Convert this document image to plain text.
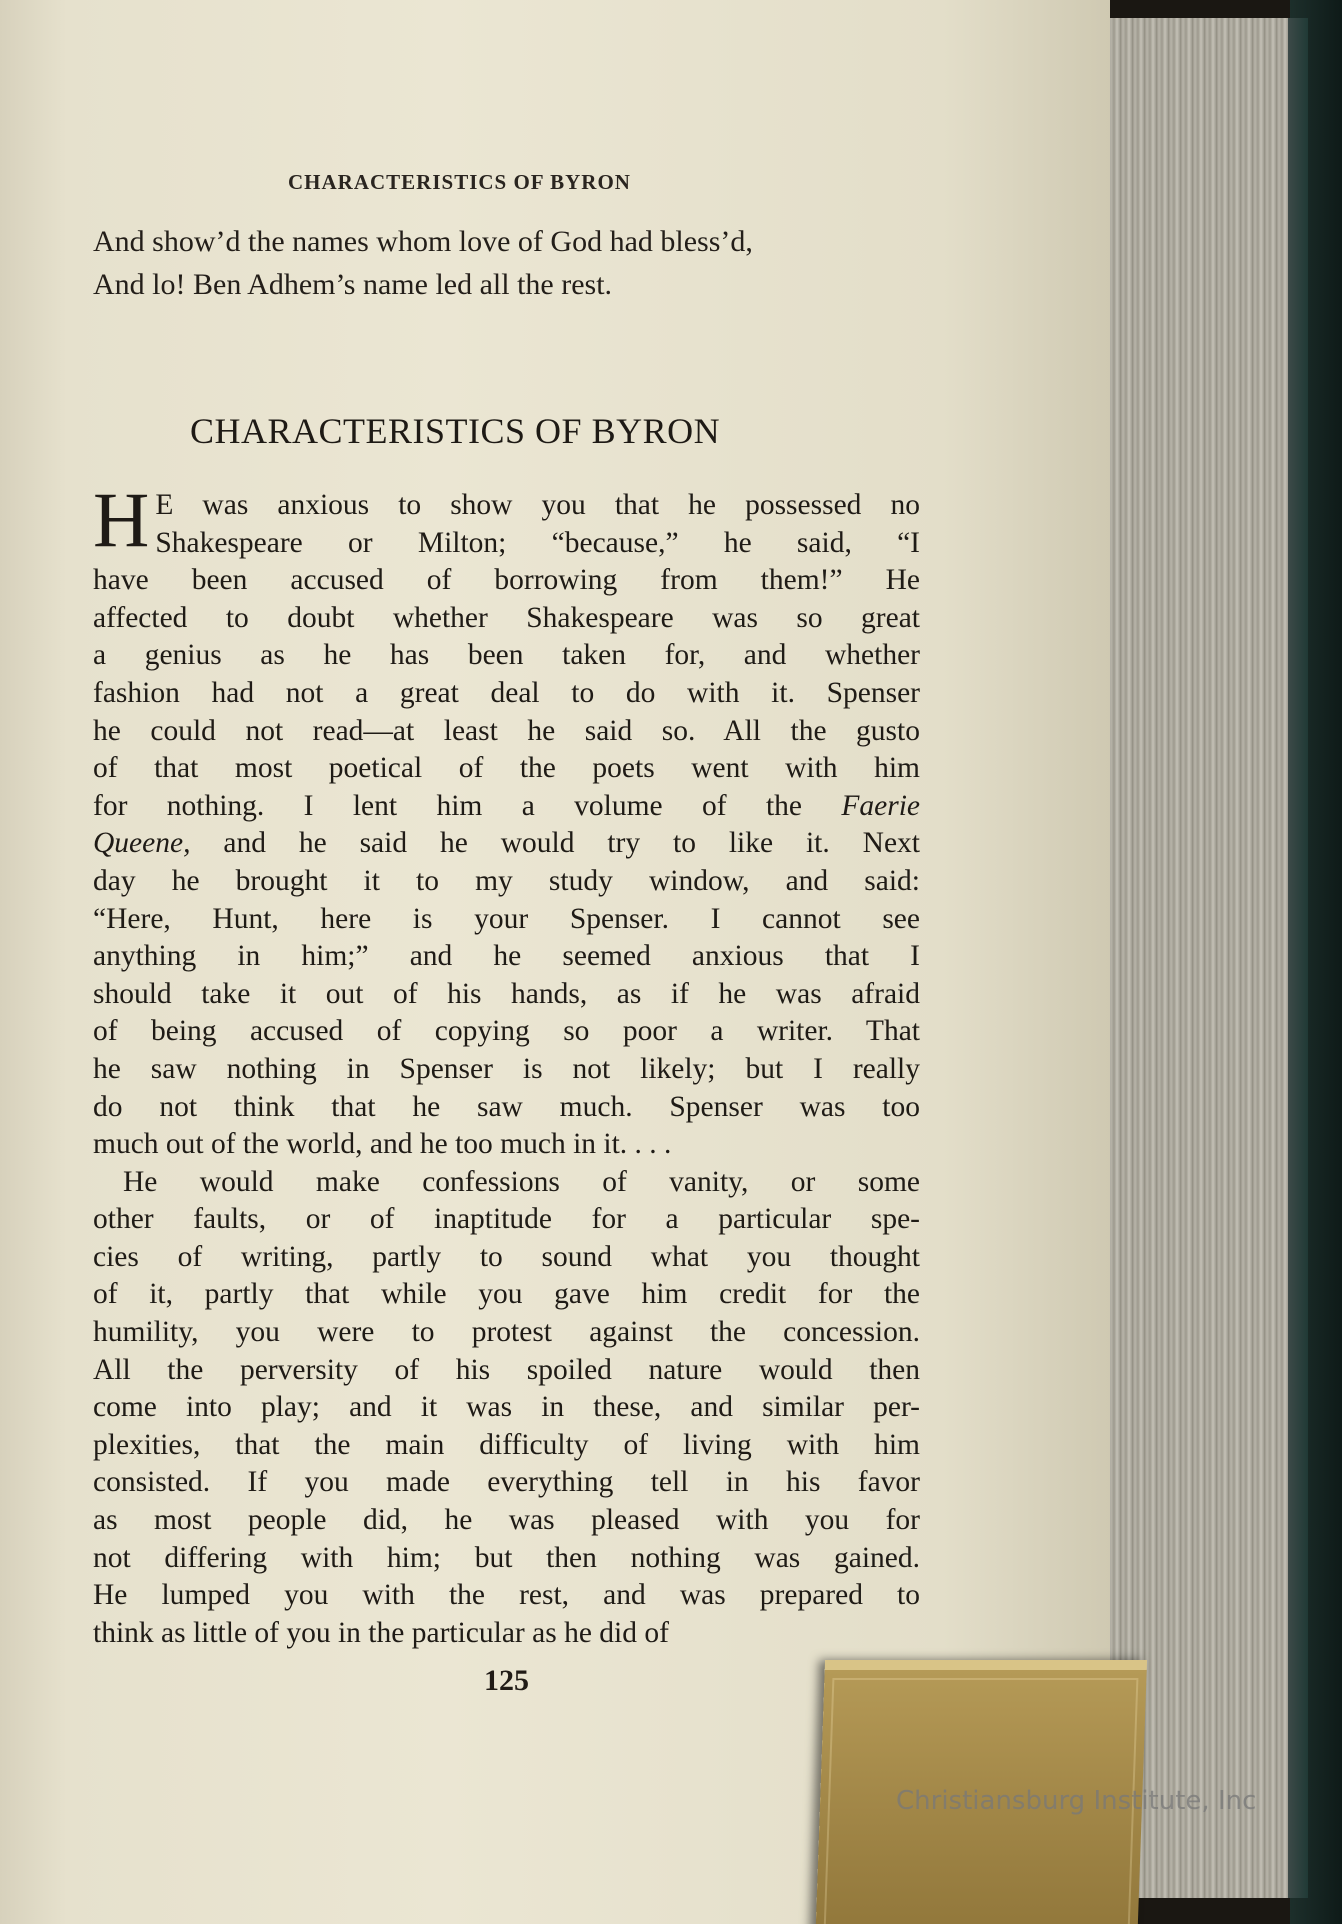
CHARACTERISTICS OF BYRON
And show’d the names whom love of God had bless’d,
And lo! Ben Adhem’s name led all the rest.
CHARACTERISTICS OF BYRON
H E was anxious to show you that he possessed no
Shakespeare or Milton; “because,” he said, “I
have been accused of borrowing from them!” He
affected to doubt whether Shakespeare was so great
a genius as he has been taken for, and whether
fashion had not a great deal to do with it. Spenser
he could not read—at least he said so. All the gusto
of that most poetical of the poets went with him
for nothing. I lent him a volume of the Faerie
Queene, and he said he would try to like it. Next
day he brought it to my study window, and said:
“Here, Hunt, here is your Spenser. I cannot see
anything in him;” and he seemed anxious that I
should take it out of his hands, as if he was afraid
of being accused of copying so poor a writer. That
he saw nothing in Spenser is not likely; but I really
do not think that he saw much. Spenser was too
much out of the world, and he too much in it. . . .
He would make confessions of vanity, or some
other faults, or of inaptitude for a particular spe-
cies of writing, partly to sound what you thought
of it, partly that while you gave him credit for the
humility, you were to protest against the concession.
All the perversity of his spoiled nature would then
come into play; and it was in these, and similar per-
plexities, that the main difficulty of living with him
consisted. If you made everything tell in his favor
as most people did, he was pleased with you for
not differing with him; but then nothing was gained.
He lumped you with the rest, and was prepared to
think as little of you in the particular as he did of
125
Christiansburg Institute, Inc
